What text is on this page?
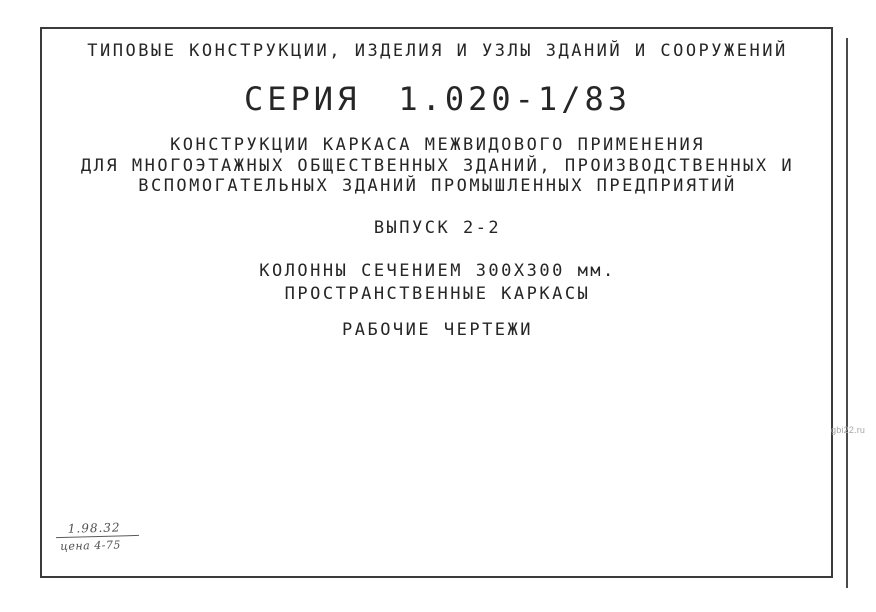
ТИПОВЫЕ КОНСТРУКЦИИ, ИЗДЕЛИЯ И УЗЛЫ ЗДАНИЙ И СООРУЖЕНИЙ
СЕРИЯ 1.020-1/83
КОНСТРУКЦИИ КАРКАСА МЕЖВИДОВОГО ПРИМЕНЕНИЯ
ДЛЯ МНОГОЭТАЖНЫХ ОБЩЕСТВЕННЫХ ЗДАНИЙ, ПРОИЗВОДСТВЕННЫХ И
ВСПОМОГАТЕЛЬНЫХ ЗДАНИЙ ПРОМЫШЛЕННЫХ ПРЕДПРИЯТИЙ
ВЫПУСК 2-2
КОЛОННЫ СЕЧЕНИЕМ 300Х300 мм.
ПРОСТРАНСТВЕННЫЕ КАРКАСЫ
РАБОЧИЕ ЧЕРТЕЖИ
1.98.32
цена 4-75
gbi22.ru
